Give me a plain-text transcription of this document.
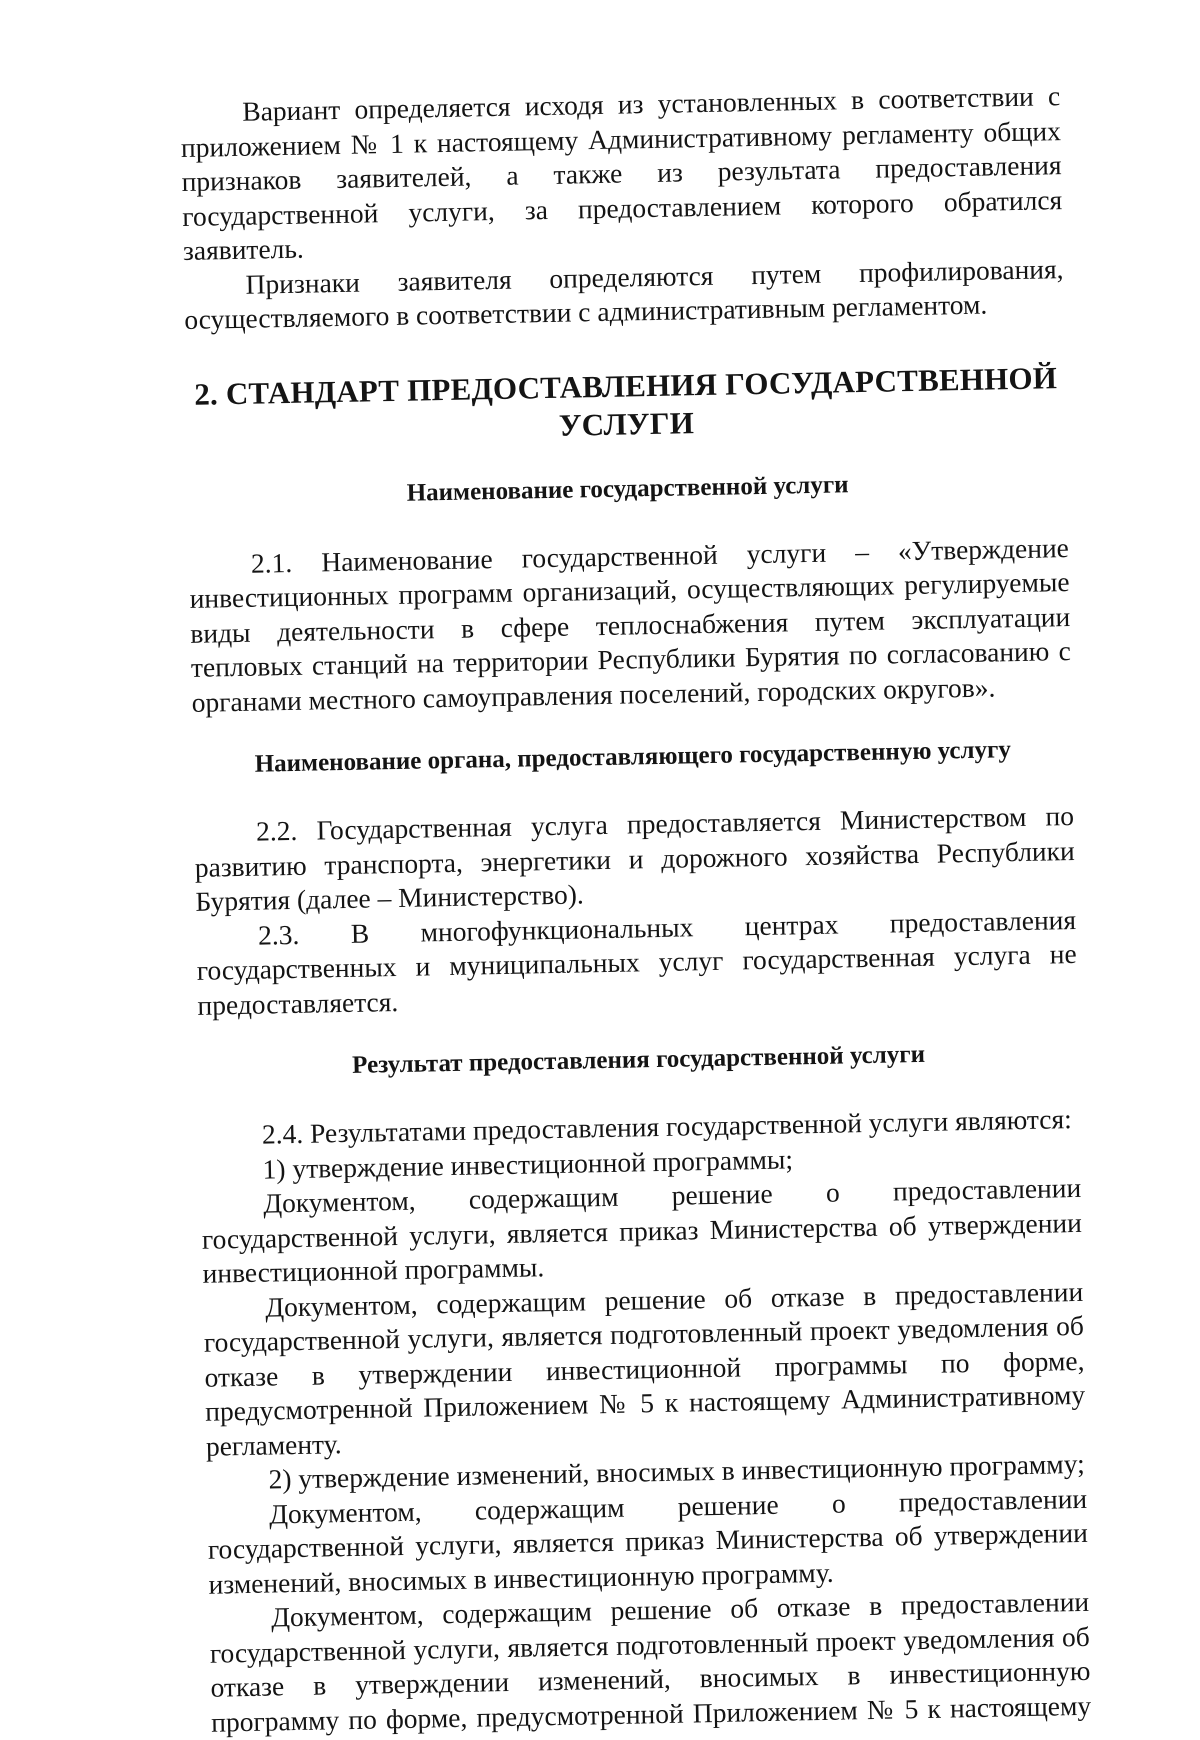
Вариант определяется исходя из установленных в соответствии с приложением № 1 к настоящему Административному регламенту общих признаков заявителей, а также из результата предоставления государственной услуги, за предоставлением которого обратился заявитель.

Признаки заявителя определяются путем профилирования, осуществляемого в соответствии с административным регламентом.

2. СТАНДАРТ ПРЕДОСТАВЛЕНИЯ ГОСУДАРСТВЕННОЙ УСЛУГИ
Наименование государственной услуги

2.1. Наименование государственной услуги – «Утверждение инвестиционных программ организаций, осуществляющих регулируемые виды деятельности в сфере теплоснабжения путем эксплуатации тепловых станций на территории Республики Бурятия по согласованию с органами местного самоуправления поселений, городских округов».

Наименование органа, предоставляющего государственную услугу

2.2. Государственная услуга предоставляется Министерством по развитию транспорта, энергетики и дорожного хозяйства Республики Бурятия (далее – Министерство).

2.3. В многофункциональных центрах предоставления государственных и муниципальных услуг государственная услуга не предоставляется.

Результат предоставления государственной услуги

2.4. Результатами предоставления государственной услуги являются:

1) утверждение инвестиционной программы;

Документом, содержащим решение о предоставлении государственной услуги, является приказ Министерства об утверждении инвестиционной программы.

Документом, содержащим решение об отказе в предоставлении государственной услуги, является подготовленный проект уведомления об отказе в утверждении инвестиционной программы по форме, предусмотренной Приложением № 5 к настоящему Административному регламенту.

2) утверждение изменений, вносимых в инвестиционную программу;

Документом, содержащим решение о предоставлении государственной услуги, является приказ Министерства об утверждении изменений, вносимых в инвестиционную программу.

Документом, содержащим решение об отказе в предоставлении государственной услуги, является подготовленный проект уведомления об отказе в утверждении изменений, вносимых в инвестиционную программу по форме, предусмотренной Приложением № 5 к настоящему
